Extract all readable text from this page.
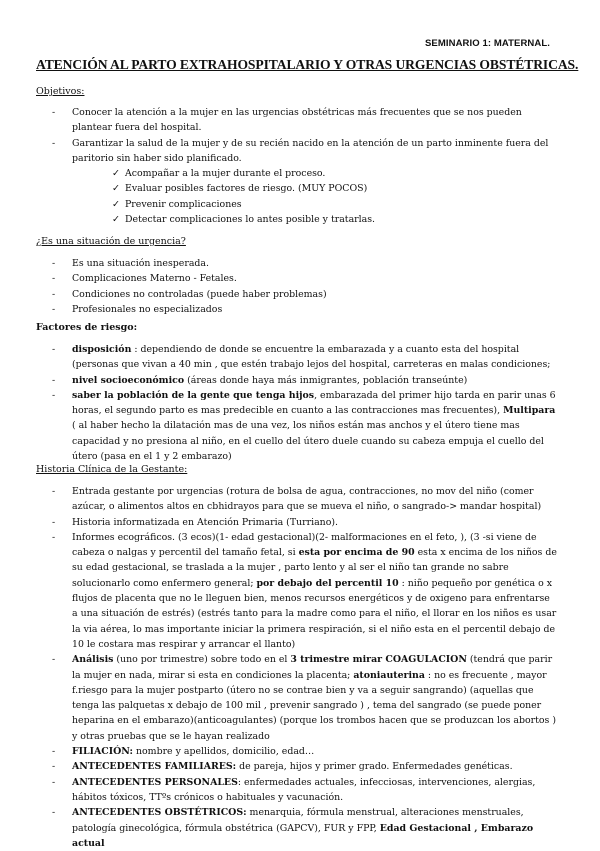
SEMINARIO 1: MATERNAL.
ATENCIÓN AL PARTO EXTRAHOSPITALARIO Y OTRAS URGENCIAS OBSTÉTRICAS.
Objetivos:
- Conocer la atención a la mujer en las urgencias obstétricas más frecuentes que se nos pueden plantear fuera del hospital.
- Garantizar la salud de la mujer y de su recién nacido en la atención de un parto inminente fuera del paritorio sin haber sido planificado.
✓ Acompañar a la mujer durante el proceso.
✓ Evaluar posibles factores de riesgo. (MUY POCOS)
✓ Prevenir complicaciones
✓ Detectar complicaciones lo antes posible y tratarlas.
¿Es una situación de urgencia?
- Es una situación inesperada.
- Complicaciones Materno - Fetales.
- Condiciones no controladas (puede haber problemas)
- Profesionales no especializados
Factores de riesgo:
- disposición : dependiendo de donde se encuentre la embarazada y a cuanto esta del hospital (personas que vivan a 40 min , que estén trabajo lejos del hospital, carreteras en malas condiciones;
- nivel socioeconómico (áreas donde haya más inmigrantes, población transeúnte)
- saber la población de la gente que tenga hijos, embarazada del primer hijo tarda en parir unas 6 horas, el segundo parto es mas predecible en cuanto a las contracciones mas frecuentes), Multipara ( al haber hecho la dilatación mas de una vez, los niños están mas anchos y el útero tiene mas capacidad y no presiona al niño, en el cuello del útero duele cuando su cabeza empuja el cuello del útero (pasa en el 1 y 2 embarazo)
Historia Clínica de la Gestante:
- Entrada gestante por urgencias (rotura de bolsa de agua, contracciones, no mov del niño (comer azúcar, o alimentos altos en cbhidrayos para que se mueva el niño, o sangrado-> mandar hospital)
- Historia informatizada en Atención Primaria (Turriano).
- Informes ecográficos. (3 ecos)(1- edad gestacional)(2- malformaciones en el feto, ), (3 -si viene de cabeza o nalgas y percentil del tamaño fetal, si esta por encima de 90 esta x encima de los niños de su edad gestacional, se traslada a la mujer , parto lento y al ser el niño tan grande no sabre solucionarlo como enfermero general; por debajo del percentil 10 : niño pequeño por genética o x flujos de placenta que no le lleguen bien, menos recursos energéticos y de oxigeno para enfrentarse a una situación de estrés) (estrés tanto para la madre como para el niño, el llorar en los niños es usar la via aérea, lo mas importante iniciar la primera respiración, si el niño esta en el percentil debajo de 10 le costara mas respirar y arrancar el llanto)
- Análisis (uno por trimestre) sobre todo en el 3 trimestre mirar COAGULACION (tendrá que parir la mujer en nada, mirar si esta en condiciones la placenta; atoniauterina : no es frecuente , mayor f.riesgo para la mujer postparto (útero no se contrae bien y va a seguir sangrando) (aquellas que tenga las palquetas x debajo de 100 mil , prevenir sangrado ) , tema del sangrado (se puede poner heparina en el embarazo)(anticoagulantes) (porque los trombos hacen que se produzcan los abortos ) y otras pruebas que se le hayan realizado
- FILIACIÓN: nombre y apellidos, domicilio, edad…
- ANTECEDENTES FAMILIARES: de pareja, hijos y primer grado. Enfermedades genéticas.
- ANTECEDENTES PERSONALES: enfermedades actuales, infecciosas, intervenciones, alergias, hábitos tóxicos, TTºs crónicos o habituales y vacunación.
- ANTECEDENTES OBSTÉTRICOS: menarquia, fórmula menstrual, alteraciones menstruales, patología ginecológica, fórmula obstétrica (GAPCV), FUR y FPP, Edad Gestacional , Embarazo actual
